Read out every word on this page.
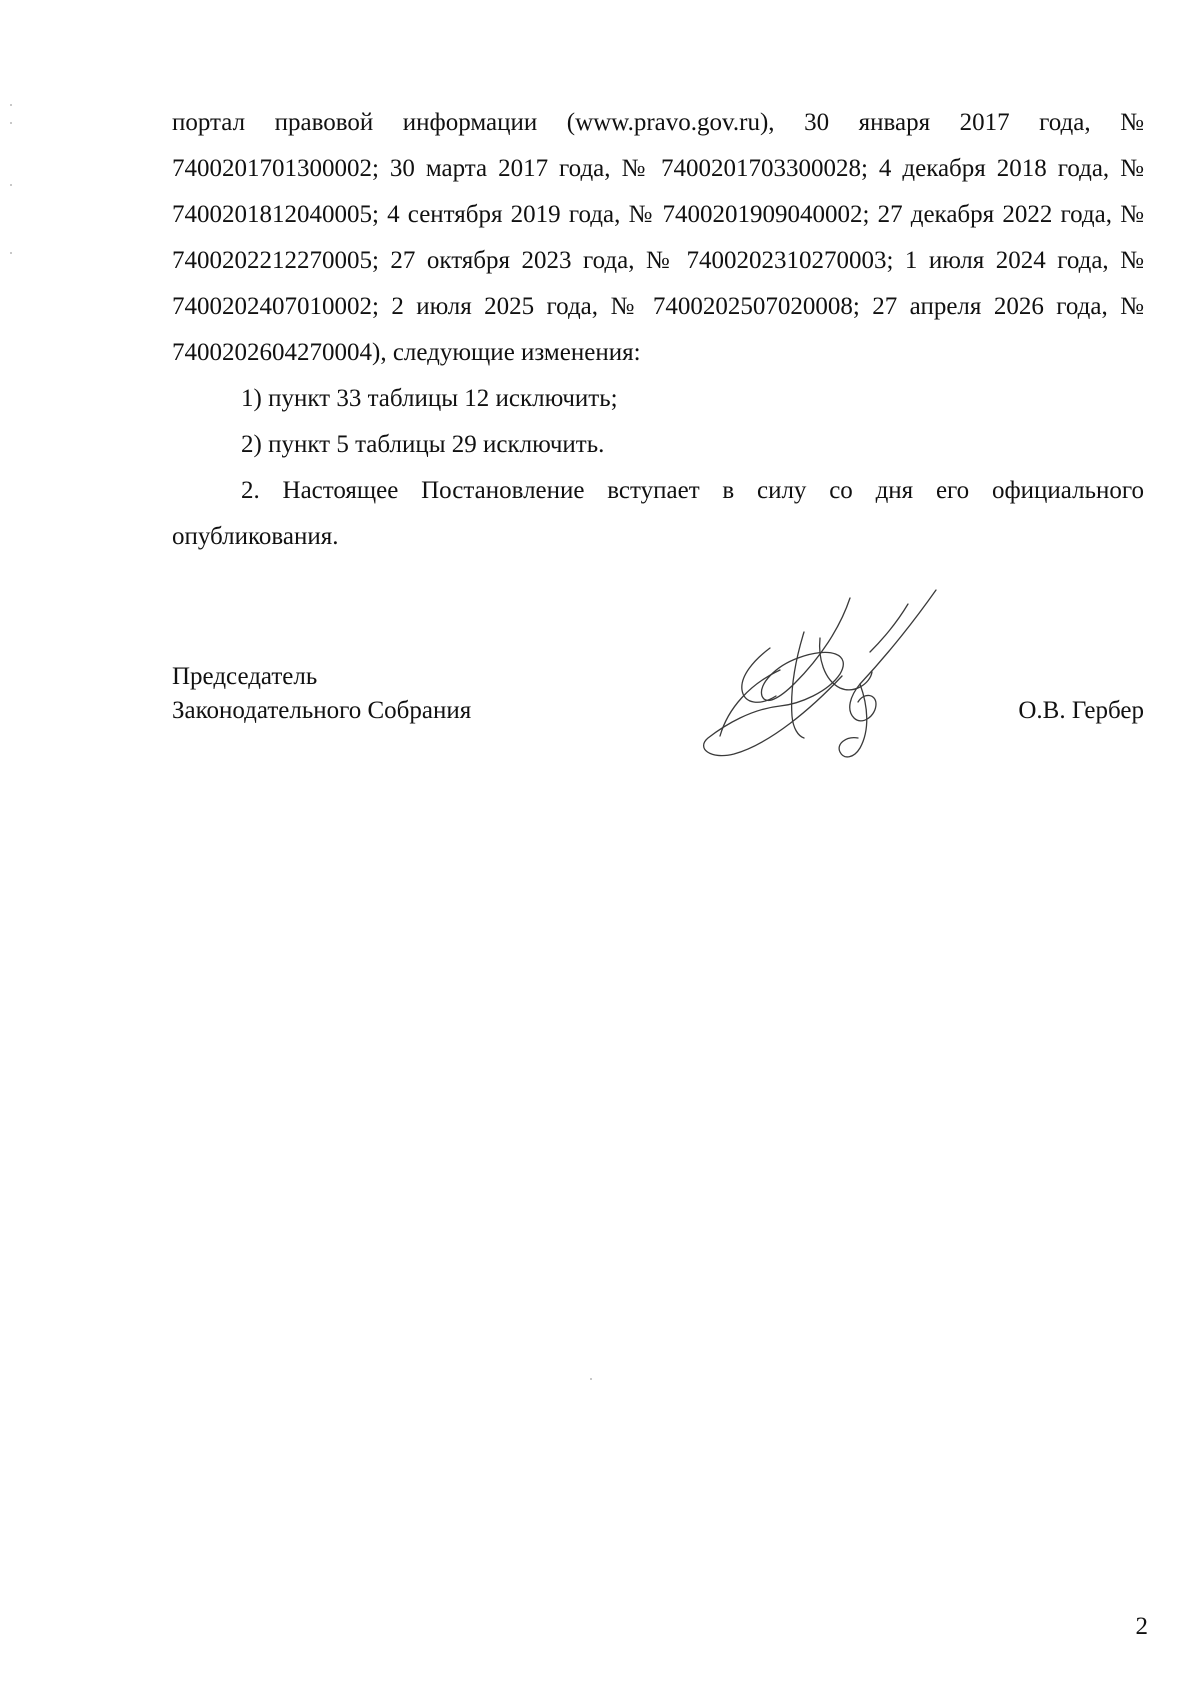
портал правовой информации (www.pravo.gov.ru), 30 января 2017 года, № 7400201701300002; 30 марта 2017 года, № 7400201703300028; 4 декабря 2018 года, № 7400201812040005; 4 сентября 2019 года, № 7400201909040002; 27 декабря 2022 года, № 7400202212270005; 27 октября 2023 года, № 7400202310270003; 1 июля 2024 года, № 7400202407010002; 2 июля 2025 года, № 7400202507020008; 27 апреля 2026 года, № 7400202604270004), следующие изменения:

1) пункт 33 таблицы 12 исключить;

2) пункт 5 таблицы 29 исключить.

2. Настоящее Постановление вступает в силу со дня его официального опубликования.

Председатель
Законодательного Собрания	О.В. Гербер
2
